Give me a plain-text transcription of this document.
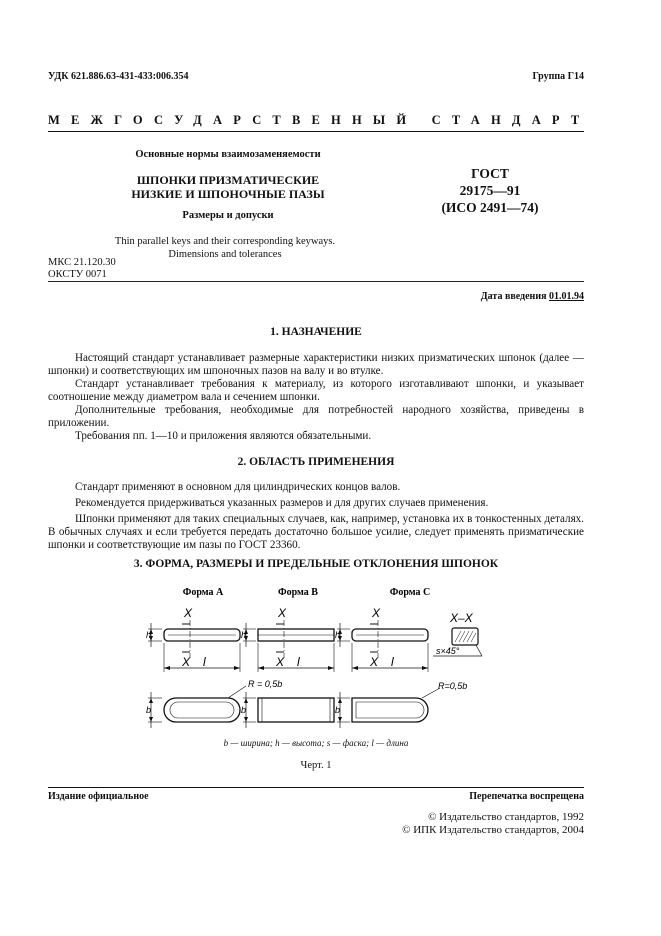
УДК 621.886.63-431-433:006.354	Группа Г14
МЕЖГОСУДАРСТВЕННЫЙ СТАНДАРТ
Основные нормы взаимозаменяемости
ШПОНКИ ПРИЗМАТИЧЕСКИЕ
НИЗКИЕ И ШПОНОЧНЫЕ ПАЗЫ
Размеры и допуски
Thin parallel keys and their corresponding keyways.
Dimensions and tolerances
МКС 21.120.30
ОКСТУ 0071
ГОСТ
29175—91
(ИСО 2491—74)
Дата введения 01.01.94
1. НАЗНАЧЕНИЕ
Настоящий стандарт устанавливает размерные характеристики низких призматических шпонок (далее — шпонки) и соответствующих им шпоночных пазов на валу и во втулке.
Стандарт устанавливает требования к материалу, из которого изготавливают шпонки, и указывает соотношение между диаметром вала и сечением шпонки.
Дополнительные требования, необходимые для потребностей народного хозяйства, приведены в приложении.
Требования пп. 1—10 и приложения являются обязательными.
2. ОБЛАСТЬ ПРИМЕНЕНИЯ
Стандарт применяют в основном для цилиндрических концов валов.
Рекомендуется придерживаться указанных размеров и для других случаев применения.
Шпонки применяют для таких специальных случаев, как, например, установка их в тонкостенных деталях. В обычных случаях и если требуется передать достаточно большое усилие, следует применять призматические шпонки и соответствующие им пазы по ГОСТ 23360.
3. ФОРМА, РАЗМЕРЫ И ПРЕДЕЛЬНЫЕ ОТКЛОНЕНИЯ ШПОНОК
Форма А	Форма B	Форма C
X–X
X
X
X
X
X
X
l	l	l
h	h	h
b	b	b
s×45°
R = 0,5b	R=0,5b
b — ширина; h — высота; s — фаска; l — длина
Черт. 1
Издание официальное	Перепечатка воспрещена
© Издательство стандартов, 1992
© ИПК Издательство стандартов, 2004
